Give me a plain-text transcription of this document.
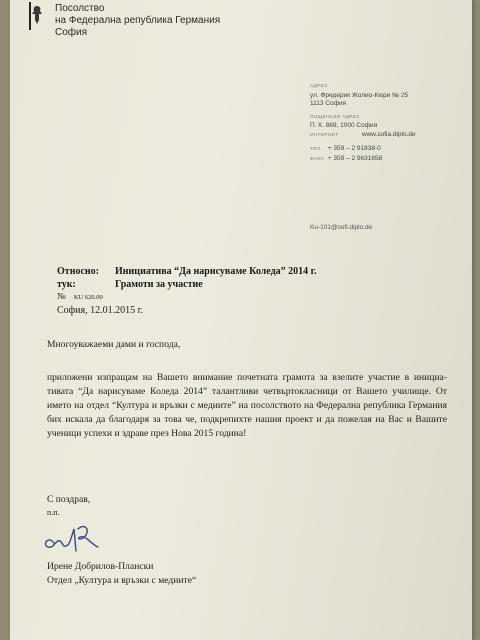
Посолство
на Федерална република Германия
София
АДРЕС
ул. Фредерик Жолио-Кюри № 25
1113 София
ПОЩЕНСКИ АДРЕС
П. К. 869, 1000 София
ИНТЕРНЕТ	www.sofia.diplo.de
ТЕЛ. + 359 – 2 91838-0
ФАКС + 359 – 2 9631658
Ku-101@sofi.diplo.de
Относно:	Инициатива “Да нарисуваме Коледа” 2014 г.
тук:	Грамоти за участие
№ KU 620.00
София, 12.01.2015 г.

Многоуважаеми дами и господа,

приложени изпращам на Вашето внимание почетната грамота за взелите участие в инициа-тивата “Да нарисуваме Коледа 2014” талантливи четвъртокласници от Вашето училище. От името на отдел “Култура и връзки с медиите” на посолството на Федерална република Германия бих искала да благодаря за това че, подкрепихте нашия проект и да пожелая на Вас и Вашите ученици успехи и здраве през Нова 2015 година!

С поздрав,
п.п.
Ирене Добрилов-Плански
Отдел „Култура и връзки с медиите“
